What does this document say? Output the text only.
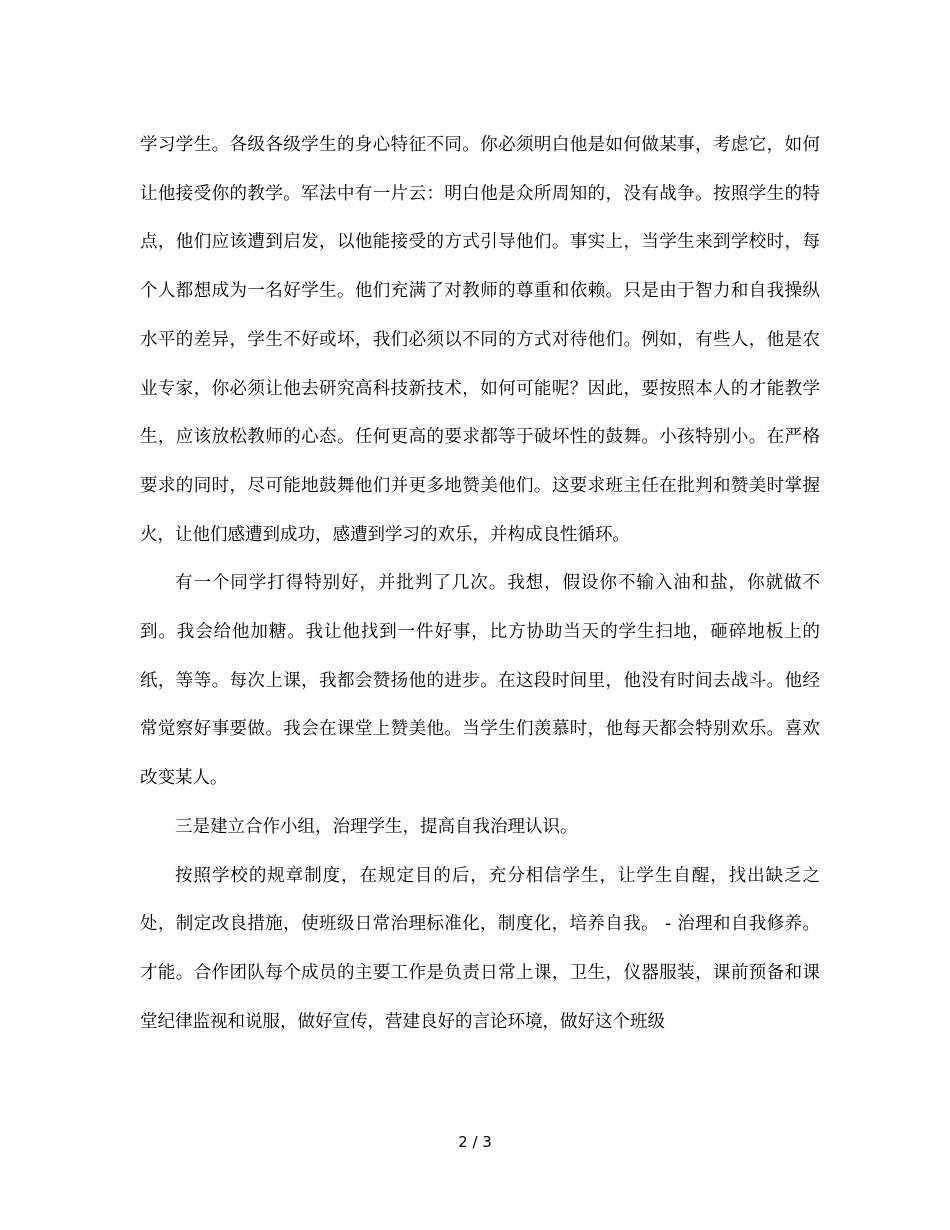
学习学生。各级各级学生的身心特征不同。你必须明白他是如何做某事，考虑它，如何让他接受你的教学。军法中有一片云：明白他是众所周知的，没有战争。按照学生的特点，他们应该遭到启发，以他能接受的方式引导他们。事实上，当学生来到学校时，每个人都想成为一名好学生。他们充满了对教师的尊重和依赖。只是由于智力和自我操纵水平的差异，学生不好或坏，我们必须以不同的方式对待他们。例如，有些人，他是农业专家，你必须让他去研究高科技新技术，如何可能呢？因此，要按照本人的才能教学生，应该放松教师的心态。任何更高的要求都等于破坏性的鼓舞。小孩特别小。在严格要求的同时，尽可能地鼓舞他们并更多地赞美他们。这要求班主任在批判和赞美时掌握火，让他们感遭到成功，感遭到学习的欢乐，并构成良性循环。

有一个同学打得特别好，并批判了几次。我想，假设你不输入油和盐，你就做不到。我会给他加糖。我让他找到一件好事，比方协助当天的学生扫地，砸碎地板上的纸，等等。每次上课，我都会赞扬他的进步。在这段时间里，他没有时间去战斗。他经常觉察好事要做。我会在课堂上赞美他。当学生们羡慕时，他每天都会特别欢乐。喜欢改变某人。

三是建立合作小组，治理学生，提高自我治理认识。

按照学校的规章制度，在规定目的后，充分相信学生，让学生自醒，找出缺乏之处，制定改良措施，使班级日常治理标准化，制度化，培养自我。 - 治理和自我修养。才能。合作团队每个成员的主要工作是负责日常上课，卫生，仪器服装，课前预备和课堂纪律监视和说服，做好宣传，营建良好的言论环境，做好这个班级

2 / 3
